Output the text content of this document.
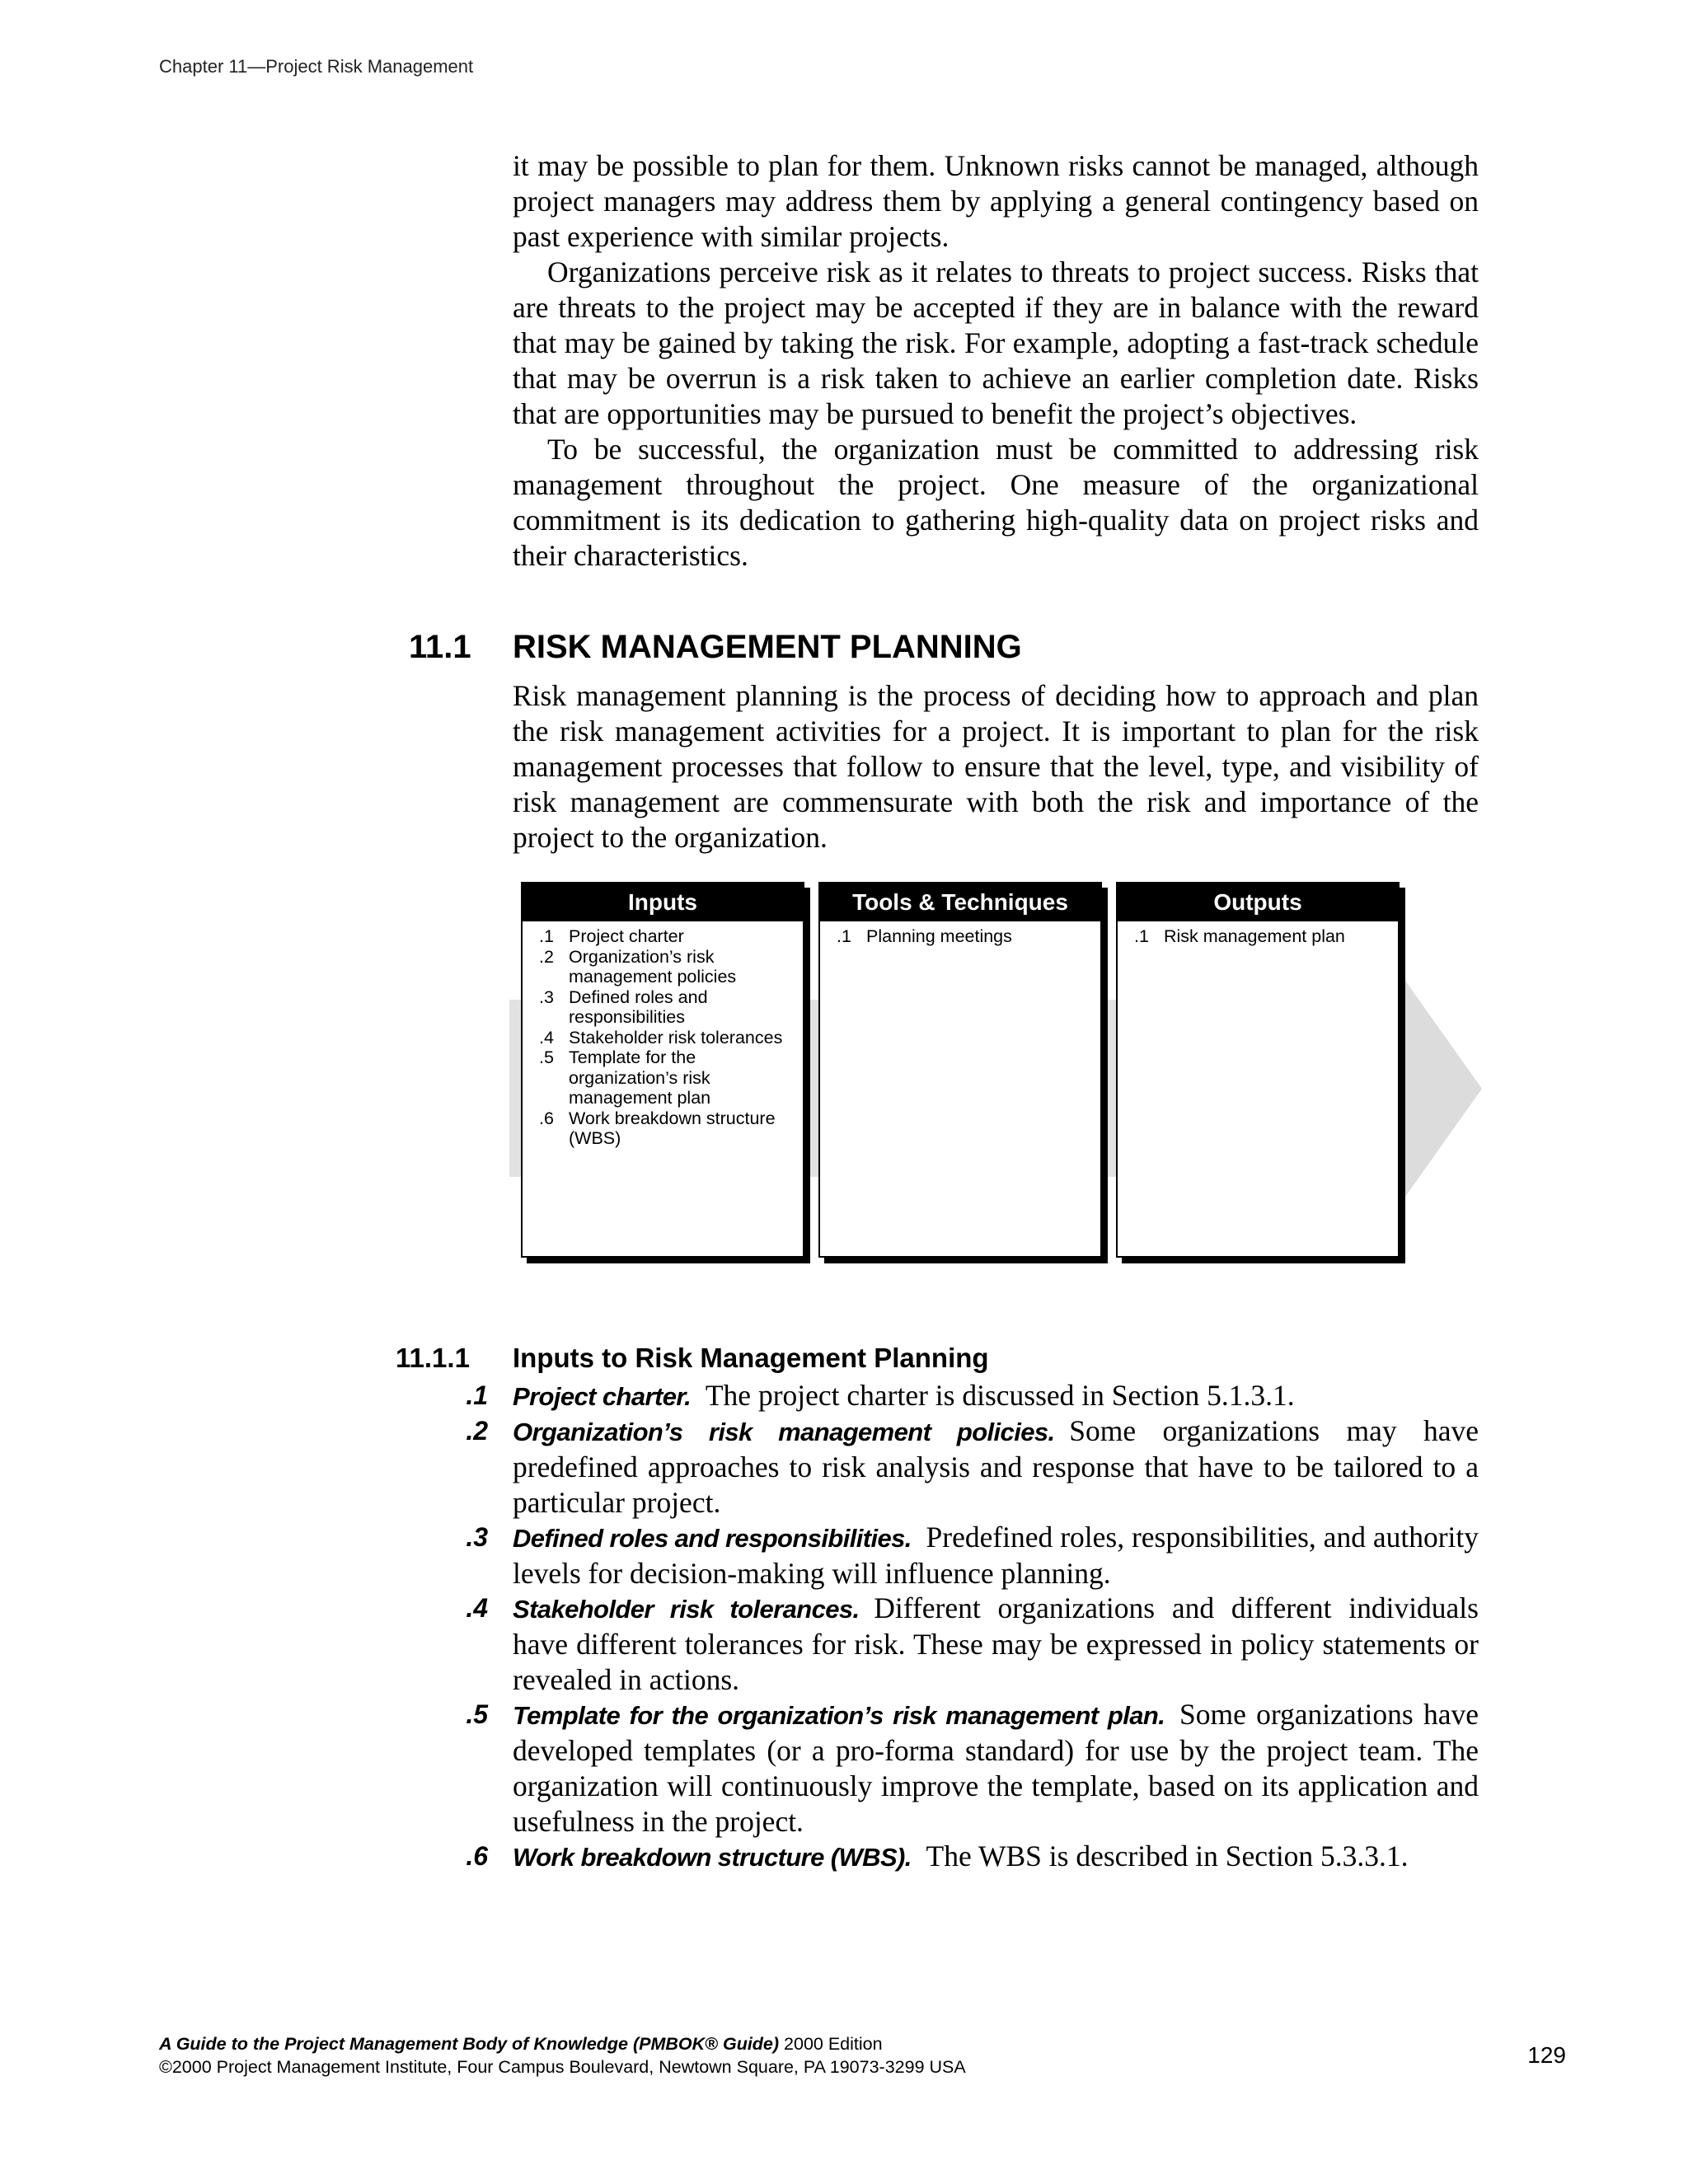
Chapter 11—Project Risk Management

it may be possible to plan for them. Unknown risks cannot be managed, although project managers may address them by applying a general contingency based on past experience with similar projects.

Organizations perceive risk as it relates to threats to project success. Risks that are threats to the project may be accepted if they are in balance with the reward that may be gained by taking the risk. For example, adopting a fast-track schedule that may be overrun is a risk taken to achieve an earlier completion date. Risks that are opportunities may be pursued to benefit the project’s objectives.

To be successful, the organization must be committed to addressing risk management throughout the project. One measure of the organizational commitment is its dedication to gathering high-quality data on project risks and their characteristics.

11.1 RISK MANAGEMENT PLANNING

Risk management planning is the process of deciding how to approach and plan the risk management activities for a project. It is important to plan for the risk management processes that follow to ensure that the level, type, and visibility of risk management are commensurate with both the risk and importance of the project to the organization.

Inputs
.1 Project charter
.2 Organization’s risk management policies
.3 Defined roles and responsibilities
.4 Stakeholder risk tolerances
.5 Template for the organization’s risk management plan
.6 Work breakdown structure (WBS)
Tools & Techniques
.1 Planning meetings
Outputs
.1 Risk management plan
11.1.1 Inputs to Risk Management Planning
.1 Project charter.  The project charter is discussed in Section 5.1.3.1.
.2 Organization’s risk management policies.  Some organizations may have predefined approaches to risk analysis and response that have to be tailored to a particular project.
.3 Defined roles and responsibilities.  Predefined roles, responsibilities, and authority levels for decision-making will influence planning.
.4 Stakeholder risk tolerances.  Different organizations and different individuals have different tolerances for risk. These may be expressed in policy statements or revealed in actions.
.5 Template for the organization’s risk management plan.  Some organizations have developed templates (or a pro-forma standard) for use by the project team. The organization will continuously improve the template, based on its application and usefulness in the project.
.6 Work breakdown structure (WBS).  The WBS is described in Section 5.3.3.1.
A Guide to the Project Management Body of Knowledge (PMBOK® Guide) 2000 Edition
©2000 Project Management Institute, Four Campus Boulevard, Newtown Square, PA 19073-3299 USA	129
